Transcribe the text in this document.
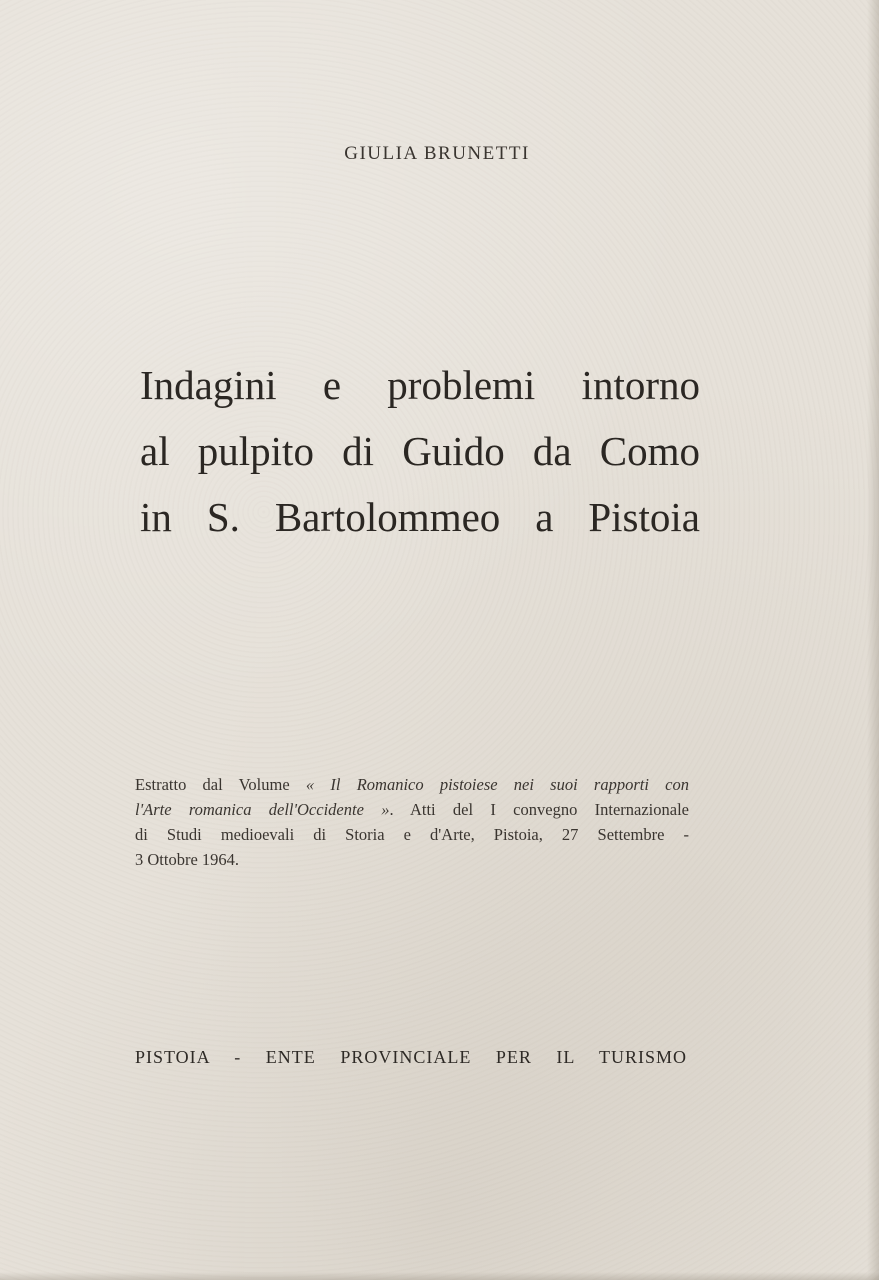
GIULIA BRUNETTI
Indagini e problemi intorno
al pulpito di Guido da Como
in S. Bartolommeo a Pistoia
Estratto dal Volume « Il Romanico pistoiese nei suoi rapporti con
l'Arte romanica dell'Occidente ». Atti del I convegno Internazionale
di Studi medioevali di Storia e d'Arte, Pistoia, 27 Settembre -
3 Ottobre 1964.
PISTOIA - ENTE PROVINCIALE PER IL TURISMO
